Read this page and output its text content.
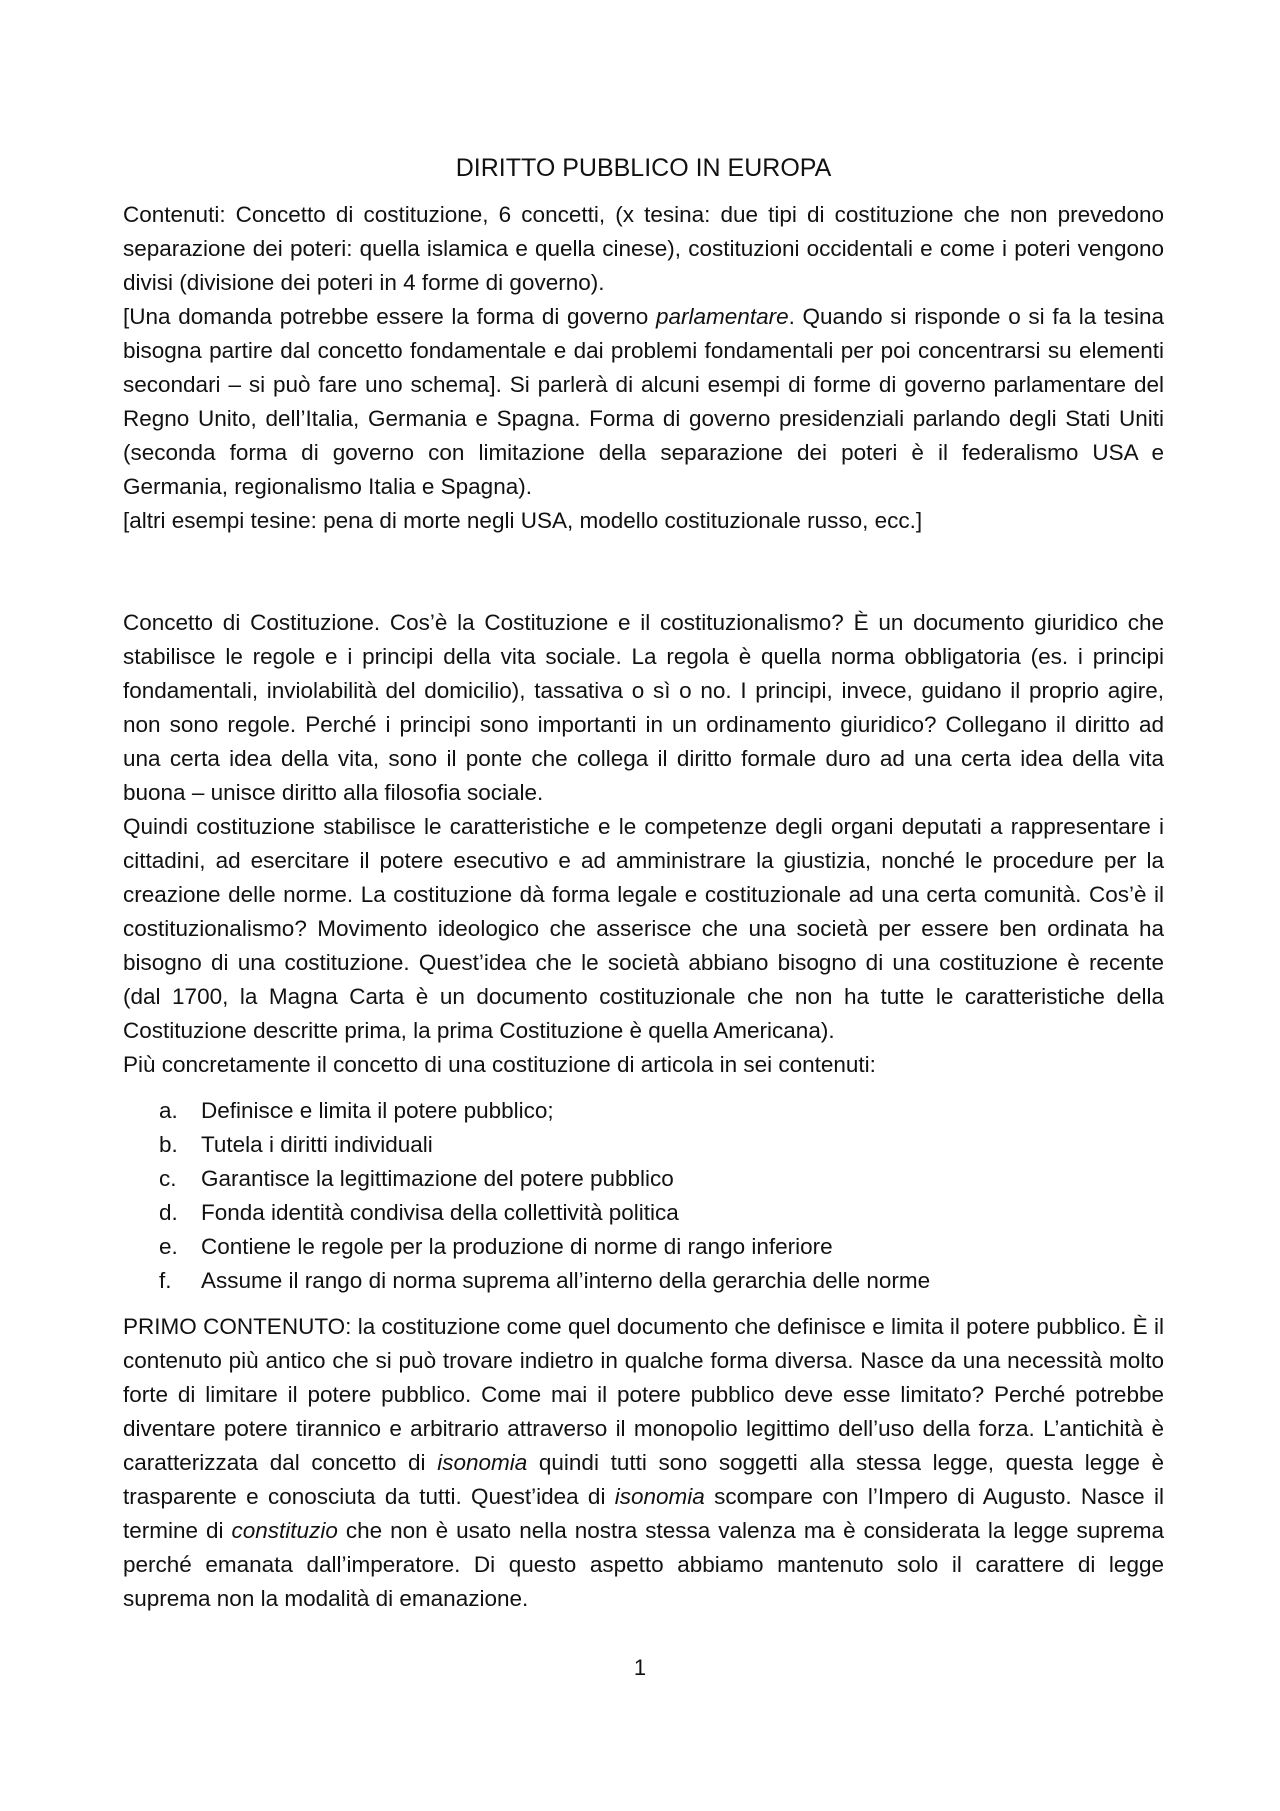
DIRITTO PUBBLICO IN EUROPA

Contenuti: Concetto di costituzione, 6 concetti, (x tesina: due tipi di costituzione che non prevedono separazione dei poteri: quella islamica e quella cinese), costituzioni occidentali e come i poteri vengono divisi (divisione dei poteri in 4 forme di governo).

[Una domanda potrebbe essere la forma di governo parlamentare. Quando si risponde o si fa la tesina bisogna partire dal concetto fondamentale e dai problemi fondamentali per poi concentrarsi su elementi secondari – si può fare uno schema]. Si parlerà di alcuni esempi di forme di governo parlamentare del Regno Unito, dell’Italia, Germania e Spagna. Forma di governo presidenziali parlando degli Stati Uniti (seconda forma di governo con limitazione della separazione dei poteri è il federalismo USA e Germania, regionalismo Italia e Spagna).

[altri esempi tesine: pena di morte negli USA, modello costituzionale russo, ecc.]

Concetto di Costituzione. Cos’è la Costituzione e il costituzionalismo? È un documento giuridico che stabilisce le regole e i principi della vita sociale. La regola è quella norma obbligatoria (es. i principi fondamentali, inviolabilità del domicilio), tassativa o sì o no. I principi, invece, guidano il proprio agire, non sono regole. Perché i principi sono importanti in un ordinamento giuridico? Collegano il diritto ad una certa idea della vita, sono il ponte che collega il diritto formale duro ad una certa idea della vita buona – unisce diritto alla filosofia sociale.

Quindi costituzione stabilisce le caratteristiche e le competenze degli organi deputati a rappresentare i cittadini, ad esercitare il potere esecutivo e ad amministrare la giustizia, nonché le procedure per la creazione delle norme. La costituzione dà forma legale e costituzionale ad una certa comunità. Cos’è il costituzionalismo? Movimento ideologico che asserisce che una società per essere ben ordinata ha bisogno di una costituzione. Quest’idea che le società abbiano bisogno di una costituzione è recente (dal 1700, la Magna Carta è un documento costituzionale che non ha tutte le caratteristiche della Costituzione descritte prima, la prima Costituzione è quella Americana).

Più concretamente il concetto di una costituzione di articola in sei contenuti:

a.	Definisce e limita il potere pubblico;
b.	Tutela i diritti individuali
c.	Garantisce la legittimazione del potere pubblico
d.	Fonda identità condivisa della collettività politica
e.	Contiene le regole per la produzione di norme di rango inferiore
f.	Assume il rango di norma suprema all’interno della gerarchia delle norme

PRIMO CONTENUTO: la costituzione come quel documento che definisce e limita il potere pubblico. È il contenuto più antico che si può trovare indietro in qualche forma diversa. Nasce da una necessità molto forte di limitare il potere pubblico. Come mai il potere pubblico deve esse limitato? Perché potrebbe diventare potere tirannico e arbitrario attraverso il monopolio legittimo dell’uso della forza. L’antichità è caratterizzata dal concetto di isonomia quindi tutti sono soggetti alla stessa legge, questa legge è trasparente e conosciuta da tutti. Quest’idea di isonomia scompare con l’Impero di Augusto. Nasce il termine di constituzio che non è usato nella nostra stessa valenza ma è considerata la legge suprema perché emanata dall’imperatore. Di questo aspetto abbiamo mantenuto solo il carattere di legge suprema non la modalità di emanazione.

1
